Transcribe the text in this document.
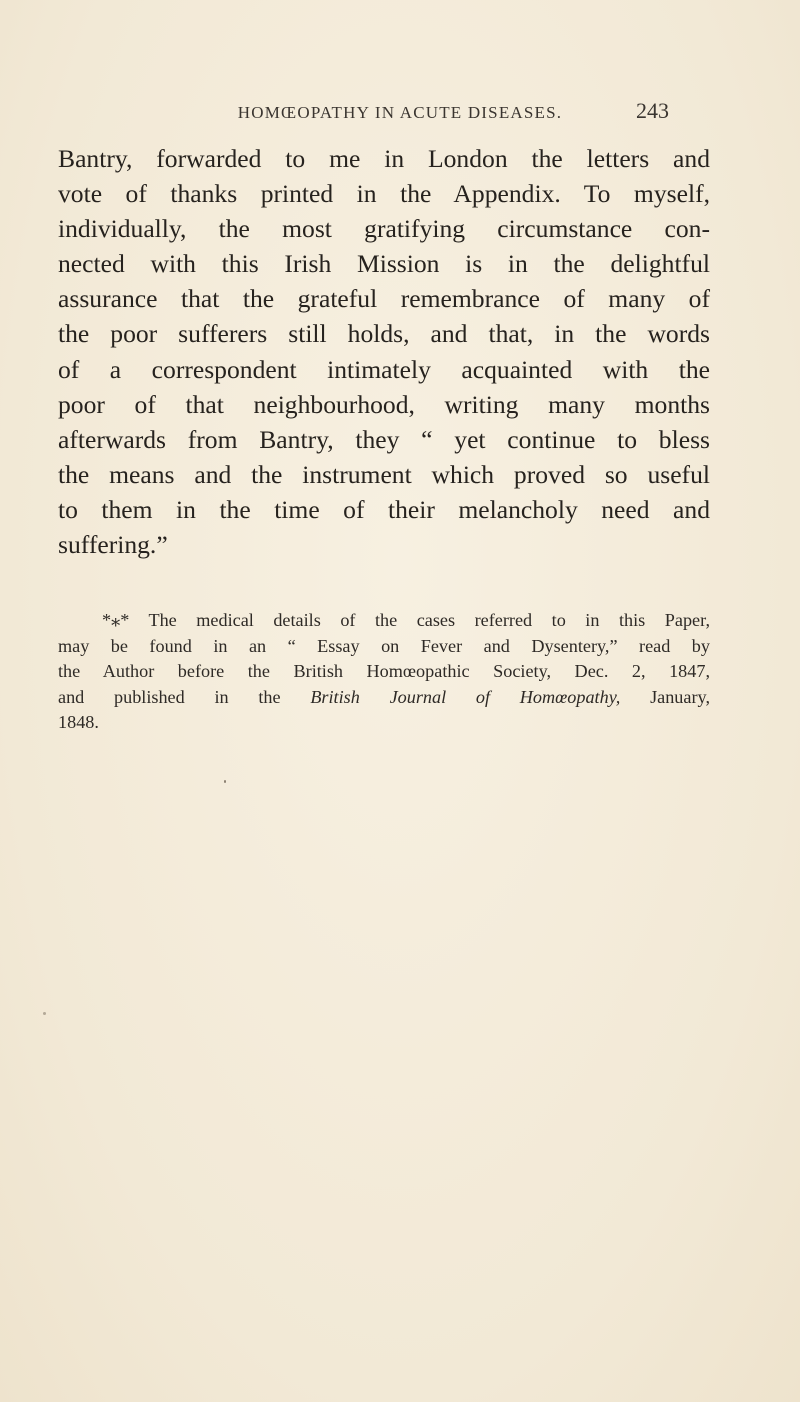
HOMŒOPATHY IN ACUTE DISEASES.	243
Bantry, forwarded to me in London the letters and
vote of thanks printed in the Appendix. To myself,
individually, the most gratifying circumstance con-
nected with this Irish Mission is in the delightful
assurance that the grateful remembrance of many of
the poor sufferers still holds, and that, in the words
of a correspondent intimately acquainted with the
poor of that neighbourhood, writing many months
afterwards from Bantry, they “ yet continue to bless
the means and the instrument which proved so useful
to them in the time of their melancholy need and
suffering.”
*⁎* The medical details of the cases referred to in this Paper,
may be found in an “ Essay on Fever and Dysentery,” read by
the Author before the British Homœopathic Society, Dec. 2, 1847,
and published in the British Journal of Homœopathy, January,
1848.
